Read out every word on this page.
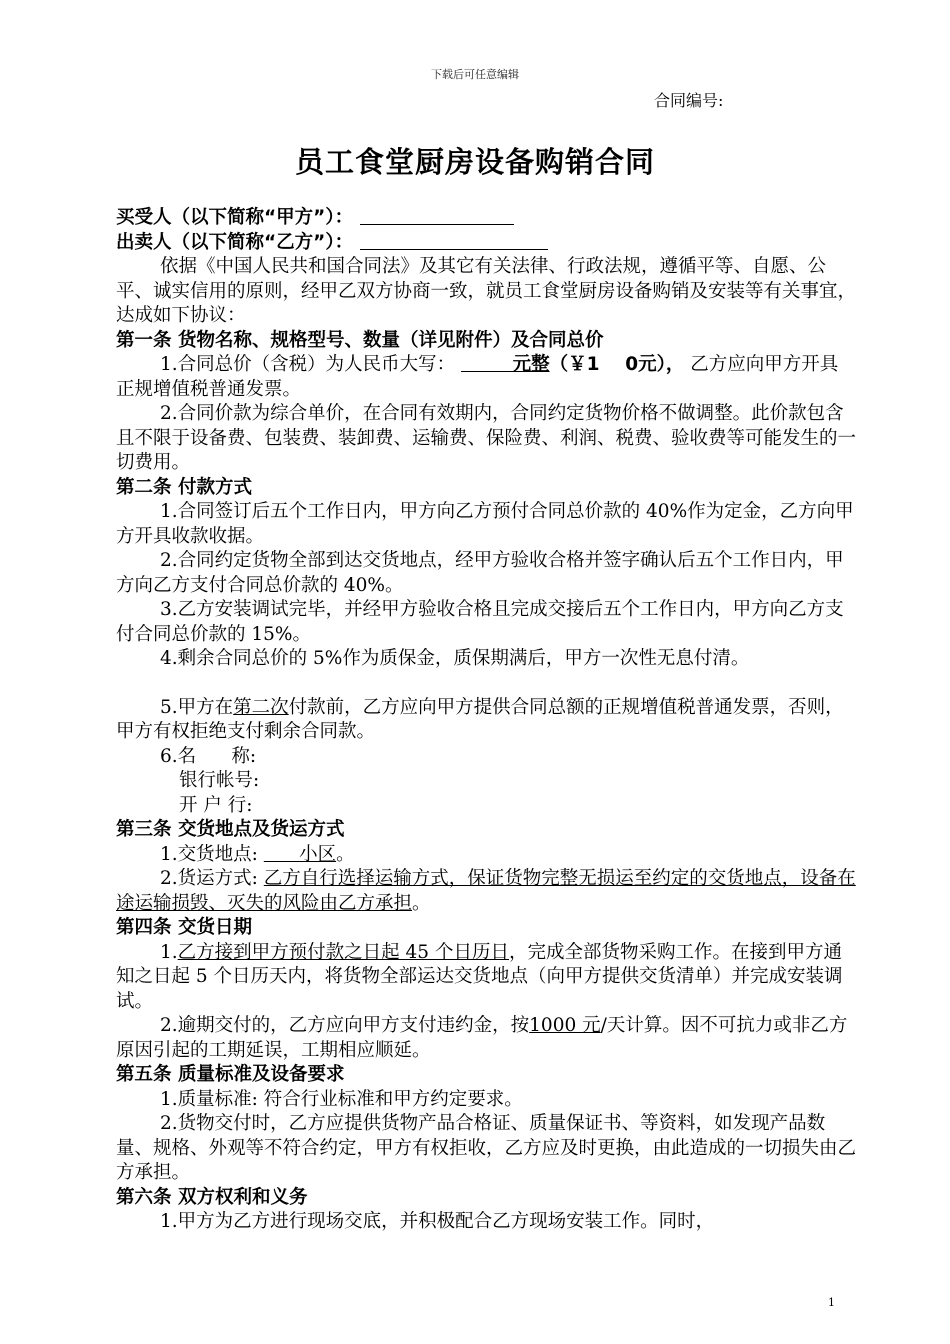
下载后可任意编辑
合同编号:
员工食堂厨房设备购销合同

买受人（以下简称“甲方”）：

出卖人（以下简称“乙方”）：

依据《中国人民共和国合同法》及其它有关法律、行政法规，遵循平等、自愿、公平、诚实信用的原则，经甲乙双方协商一致，就员工食堂厨房设备购销及安装等有关事宜，达成如下协议：

第一条 货物名称、规格型号、数量（详见附件）及合同总价

1.合同总价（含税）为人民币大写：         元整（￥1    0元）， 乙方应向甲方开具正规增值税普通发票。

2.合同价款为综合单价，在合同有效期内，合同约定货物价格不做调整。此价款包含且不限于设备费、包装费、装卸费、运输费、保险费、利润、税费、验收费等可能发生的一切费用。

第二条 付款方式

1.合同签订后五个工作日内，甲方向乙方预付合同总价款的 40%作为定金，乙方向甲方开具收款收据。

2.合同约定货物全部到达交货地点，经甲方验收合格并签字确认后五个工作日内，甲方向乙方支付合同总价款的 40%。

3.乙方安装调试完毕，并经甲方验收合格且完成交接后五个工作日内，甲方向乙方支付合同总价款的 15%。

4.剩余合同总价的 5%作为质保金，质保期满后，甲方一次性无息付清。

5.甲方在第二次付款前，乙方应向甲方提供合同总额的正规增值税普通发票，否则，甲方有权拒绝支付剩余合同款。

6.名      称:

银行帐号:

开 户 行:

第三条 交货地点及货运方式

1.交货地点:       小区。

2.货运方式: 乙方自行选择运输方式，保证货物完整无损运至约定的交货地点，设备在途运输损毁、灭失的风险由乙方承担。

第四条 交货日期

1.乙方接到甲方预付款之日起 45 个日历日，完成全部货物采购工作。在接到甲方通知之日起 5 个日历天内，将货物全部运达交货地点（向甲方提供交货清单）并完成安装调试。

2.逾期交付的，乙方应向甲方支付违约金，按1000 元/天计算。因不可抗力或非乙方原因引起的工期延误，工期相应顺延。

第五条 质量标准及设备要求

1.质量标准: 符合行业标准和甲方约定要求。

2.货物交付时，乙方应提供货物产品合格证、质量保证书、等资料，如发现产品数量、规格、外观等不符合约定，甲方有权拒收，乙方应及时更换，由此造成的一切损失由乙方承担。

第六条 双方权利和义务

1.甲方为乙方进行现场交底，并积极配合乙方现场安装工作。同时，

1
